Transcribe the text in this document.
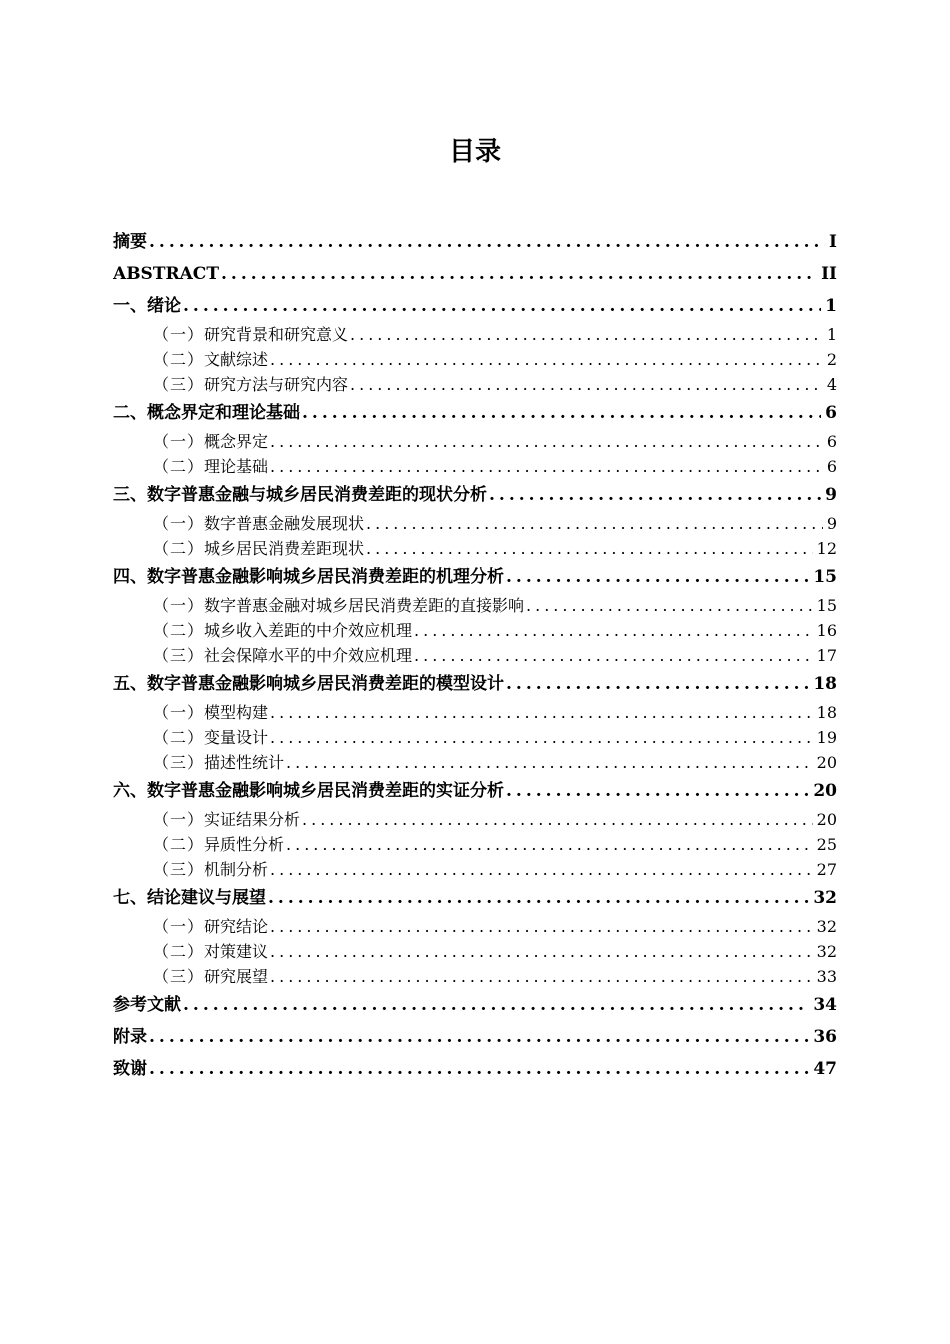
目录
摘要 .....	I
ABSTRACT .....	II
一、 绪论 .....	1
（一） 研究背景和研究意义 .....	1
（二） 文献综述 .....	2
（三） 研究方法与研究内容 .....	4
二、 概念界定和理论基础 .....	6
（一） 概念界定 .....	6
（二） 理论基础 .....	6
三、 数字普惠金融与城乡居民消费差距的现状分析 .....	9
（一） 数字普惠金融发展现状 .....	9
（二） 城乡居民消费差距现状 .....	12
四、 数字普惠金融影响城乡居民消费差距的机理分析 .....	15
（一） 数字普惠金融对城乡居民消费差距的直接影响 .....	15
（二） 城乡收入差距的中介效应机理 .....	16
（三） 社会保障水平的中介效应机理 .....	17
五、 数字普惠金融影响城乡居民消费差距的模型设计 .....	18
（一） 模型构建 .....	18
（二） 变量设计 .....	19
（三） 描述性统计 .....	20
六、 数字普惠金融影响城乡居民消费差距的实证分析 .....	20
（一） 实证结果分析 .....	20
（二） 异质性分析 .....	25
（三） 机制分析 .....	27
七、 结论建议与展望 .....	32
（一） 研究结论 .....	32
（二） 对策建议 .....	32
（三） 研究展望 .....	33
参考文献 .....	34
附录 .....	36
致谢 .....	47
